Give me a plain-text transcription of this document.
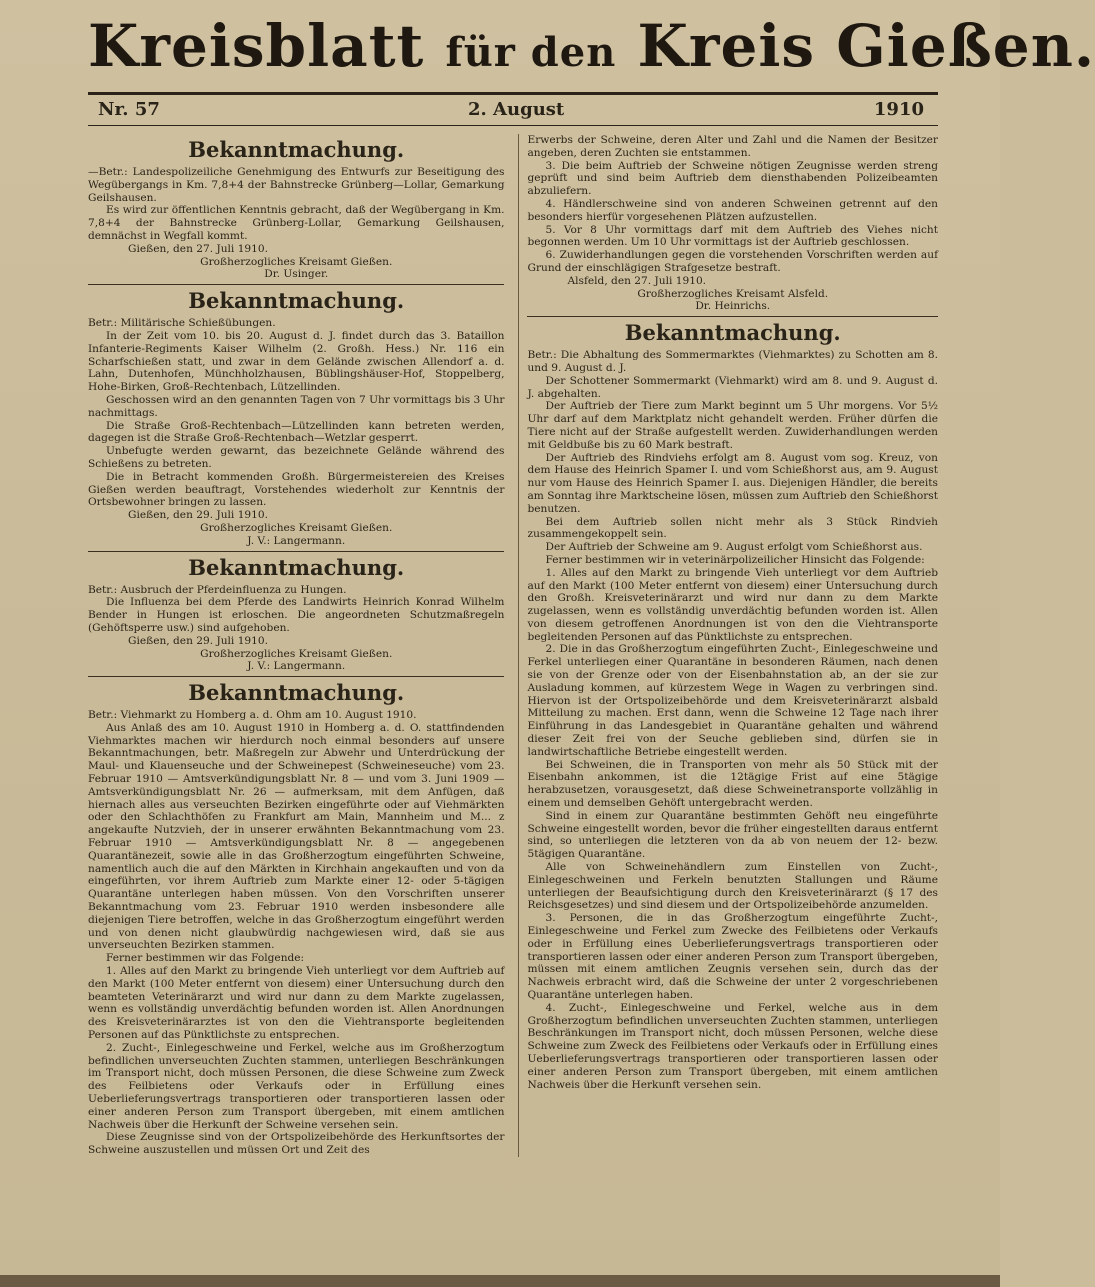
Kreisblatt für den Kreis Gießen.
Nr. 57	2. August	1910
Bekanntmachung.

—Betr.: Landespolizeiliche Genehmigung des Entwurfs zur Beseitigung des Wegübergangs in Km. 7,8+4 der Bahnstrecke Grünberg—Lollar, Gemarkung Geilshausen.

Es wird zur öffentlichen Kenntnis gebracht, daß der Wegübergang in Km. 7,8+4 der Bahnstrecke Grünberg-Lollar, Gemarkung Geilshausen, demnächst in Wegfall kommt.

Gießen, den 27. Juli 1910.

Großherzogliches Kreisamt Gießen.

Dr. Usinger.

Bekanntmachung.

Betr.: Militärische Schießübungen.

In der Zeit vom 10. bis 20. August d. J. findet durch das 3. Bataillon Infanterie-Regiments Kaiser Wilhelm (2. Großh. Hess.) Nr. 116 ein Scharfschießen statt, und zwar in dem Gelände zwischen Allendorf a. d. Lahn, Dutenhofen, Münchholzhausen, Büblingshäuser-Hof, Stoppelberg, Hohe-Birken, Groß-Rechtenbach, Lützellinden.

Geschossen wird an den genannten Tagen von 7 Uhr vormittags bis 3 Uhr nachmittags.

Die Straße Groß-Rechtenbach—Lützellinden kann betreten werden, dagegen ist die Straße Groß-Rechtenbach—Wetzlar gesperrt.

Unbefugte werden gewarnt, das bezeichnete Gelände während des Schießens zu betreten.

Die in Betracht kommenden Großh. Bürgermeistereien des Kreises Gießen werden beauftragt, Vorstehendes wiederholt zur Kenntnis der Ortsbewohner bringen zu lassen.

Gießen, den 29. Juli 1910.

Großherzogliches Kreisamt Gießen.

J. V.: Langermann.

Bekanntmachung.

Betr.: Ausbruch der Pferdeinfluenza zu Hungen.

Die Influenza bei dem Pferde des Landwirts Heinrich Konrad Wilhelm Bender in Hungen ist erloschen. Die angeordneten Schutzmaßregeln (Gehöftsperre usw.) sind aufgehoben.

Gießen, den 29. Juli 1910.

Großherzogliches Kreisamt Gießen.

J. V.: Langermann.

Bekanntmachung.

Betr.: Viehmarkt zu Homberg a. d. Ohm am 10. August 1910.

Aus Anlaß des am 10. August 1910 in Homberg a. d. O. stattfindenden Viehmarktes machen wir hierdurch noch einmal besonders auf unsere Bekanntmachungen, betr. Maßregeln zur Abwehr und Unterdrückung der Maul- und Klauenseuche und der Schweinepest (Schweineseuche) vom 23. Februar 1910 — Amtsverkündigungsblatt Nr. 8 — und vom 3. Juni 1909 — Amtsverkündigungsblatt Nr. 26 — aufmerksam, mit dem Anfügen, daß hiernach alles aus verseuchten Bezirken eingeführte oder auf Viehmärkten oder den Schlachthöfen zu Frankfurt am Main, Mannheim und M... z angekaufte Nutzvieh, der in unserer erwähnten Bekanntmachung vom 23. Februar 1910 — Amtsverkündigungsblatt Nr. 8 — angegebenen Quarantänezeit, sowie alle in das Großherzogtum eingeführten Schweine, namentlich auch die auf den Märkten in Kirchhain angekauften und von da eingeführten, vor ihrem Auftrieb zum Markte einer 12- oder 5-tägigen Quarantäne unterlegen haben müssen. Von den Vorschriften unserer Bekanntmachung vom 23. Februar 1910 werden insbesondere alle diejenigen Tiere betroffen, welche in das Großherzogtum eingeführt werden und von denen nicht glaubwürdig nachgewiesen wird, daß sie aus unverseuchten Bezirken stammen.

Ferner bestimmen wir das Folgende:

1. Alles auf den Markt zu bringende Vieh unterliegt vor dem Auftrieb auf den Markt (100 Meter entfernt von diesem) einer Untersuchung durch den beamteten Veterinärarzt und wird nur dann zu dem Markte zugelassen, wenn es vollständig unverdächtig befunden worden ist. Allen Anordnungen des Kreisveterinärarztes ist von den die Viehtransporte begleitenden Personen auf das Pünktlichste zu entsprechen.

2. Zucht-, Einlegeschweine und Ferkel, welche aus im Großherzogtum befindlichen unverseuchten Zuchten stammen, unterliegen Beschränkungen im Transport nicht, doch müssen Personen, die diese Schweine zum Zweck des Feilbietens oder Verkaufs oder in Erfüllung eines Ueberlieferungsvertrags transportieren oder transportieren lassen oder einer anderen Person zum Transport übergeben, mit einem amtlichen Nachweis über die Herkunft der Schweine versehen sein.

Diese Zeugnisse sind von der Ortspolizeibehörde des Herkunftsortes der Schweine auszustellen und müssen Ort und Zeit des

Erwerbs der Schweine, deren Alter und Zahl und die Namen der Besitzer angeben, deren Zuchten sie entstammen.

3. Die beim Auftrieb der Schweine nötigen Zeugnisse werden streng geprüft und sind beim Auftrieb dem diensthabenden Polizeibeamten abzuliefern.

4. Händlerschweine sind von anderen Schweinen getrennt auf den besonders hierfür vorgesehenen Plätzen aufzustellen.

5. Vor 8 Uhr vormittags darf mit dem Auftrieb des Viehes nicht begonnen werden. Um 10 Uhr vormittags ist der Auftrieb geschlossen.

6. Zuwiderhandlungen gegen die vorstehenden Vorschriften werden auf Grund der einschlägigen Strafgesetze bestraft.

Alsfeld, den 27. Juli 1910.

Großherzogliches Kreisamt Alsfeld.

Dr. Heinrichs.

Bekanntmachung.

Betr.: Die Abhaltung des Sommermarktes (Viehmarktes) zu Schotten am 8. und 9. August d. J.

Der Schottener Sommermarkt (Viehmarkt) wird am 8. und 9. August d. J. abgehalten.

Der Auftrieb der Tiere zum Markt beginnt um 5 Uhr morgens. Vor 5½ Uhr darf auf dem Marktplatz nicht gehandelt werden. Früher dürfen die Tiere nicht auf der Straße aufgestellt werden. Zuwiderhandlungen werden mit Geldbuße bis zu 60 Mark bestraft.

Der Auftrieb des Rindviehs erfolgt am 8. August vom sog. Kreuz, von dem Hause des Heinrich Spamer I. und vom Schießhorst aus, am 9. August nur vom Hause des Heinrich Spamer I. aus. Diejenigen Händler, die bereits am Sonntag ihre Marktscheine lösen, müssen zum Auftrieb den Schießhorst benutzen.

Bei dem Auftrieb sollen nicht mehr als 3 Stück Rindvieh zusammengekoppelt sein.

Der Auftrieb der Schweine am 9. August erfolgt vom Schießhorst aus.

Ferner bestimmen wir in veterinärpolizeilicher Hinsicht das Folgende:

1. Alles auf den Markt zu bringende Vieh unterliegt vor dem Auftrieb auf den Markt (100 Meter entfernt von diesem) einer Untersuchung durch den Großh. Kreisveterinärarzt und wird nur dann zu dem Markte zugelassen, wenn es vollständig unverdächtig befunden worden ist. Allen von diesem getroffenen Anordnungen ist von den die Viehtransporte begleitenden Personen auf das Pünktlichste zu entsprechen.

2. Die in das Großherzogtum eingeführten Zucht-, Einlegeschweine und Ferkel unterliegen einer Quarantäne in besonderen Räumen, nach denen sie von der Grenze oder von der Eisenbahnstation ab, an der sie zur Ausladung kommen, auf kürzestem Wege in Wagen zu verbringen sind. Hiervon ist der Ortspolizeibehörde und dem Kreisveterinärarzt alsbald Mitteilung zu machen. Erst dann, wenn die Schweine 12 Tage nach ihrer Einführung in das Landesgebiet in Quarantäne gehalten und während dieser Zeit frei von der Seuche geblieben sind, dürfen sie in landwirtschaftliche Betriebe eingestellt werden.

Bei Schweinen, die in Transporten von mehr als 50 Stück mit der Eisenbahn ankommen, ist die 12tägige Frist auf eine 5tägige herabzusetzen, vorausgesetzt, daß diese Schweinetransporte vollzählig in einem und demselben Gehöft untergebracht werden.

Sind in einem zur Quarantäne bestimmten Gehöft neu eingeführte Schweine eingestellt worden, bevor die früher eingestellten daraus entfernt sind, so unterliegen die letzteren von da ab von neuem der 12- bezw. 5tägigen Quarantäne.

Alle von Schweinehändlern zum Einstellen von Zucht-, Einlegeschweinen und Ferkeln benutzten Stallungen und Räume unterliegen der Beaufsichtigung durch den Kreisveterinärarzt (§ 17 des Reichsgesetzes) und sind diesem und der Ortspolizeibehörde anzumelden.

3. Personen, die in das Großherzogtum eingeführte Zucht-, Einlegeschweine und Ferkel zum Zwecke des Feilbietens oder Verkaufs oder in Erfüllung eines Ueberlieferungsvertrags transportieren oder transportieren lassen oder einer anderen Person zum Transport übergeben, müssen mit einem amtlichen Zeugnis versehen sein, durch das der Nachweis erbracht wird, daß die Schweine der unter 2 vorgeschriebenen Quarantäne unterlegen haben.

4. Zucht-, Einlegeschweine und Ferkel, welche aus in dem Großherzogtum befindlichen unverseuchten Zuchten stammen, unterliegen Beschränkungen im Transport nicht, doch müssen Personen, welche diese Schweine zum Zweck des Feilbietens oder Verkaufs oder in Erfüllung eines Ueberlieferungsvertrags transportieren oder transportieren lassen oder einer anderen Person zum Transport übergeben, mit einem amtlichen Nachweis über die Herkunft versehen sein.
